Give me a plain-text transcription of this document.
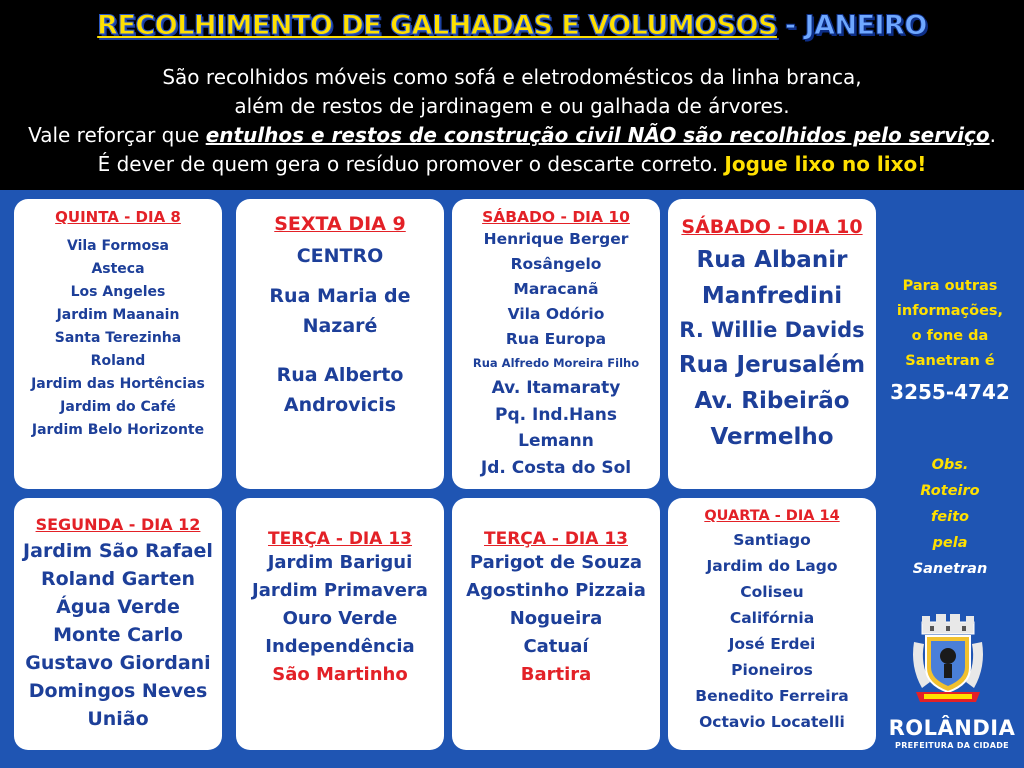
RECOLHIMENTO DE GALHADAS E VOLUMOSOS - JANEIRO
São recolhidos móveis como sofá e eletrodomésticos da linha branca,
além de restos de jardinagem e ou galhada de árvores.
Vale reforçar que entulhos e restos de construção civil NÃO são recolhidos pelo serviço.
É dever de quem gera o resíduo promover o descarte correto. Jogue lixo no lixo!
QUINTA - DIA 8
Vila Formosa
Asteca
Los Angeles
Jardim Maanain
Santa Terezinha
Roland
Jardim das Hortências
Jardim do Café
Jardim Belo Horizonte
SEXTA DIA 9
CENTRO
Rua Maria de
Nazaré
Rua Alberto
Androvicis
SÁBADO - DIA 10
Henrique Berger
Rosângelo
Maracanã
Vila Odório
Rua Europa
Rua Alfredo Moreira Filho
Av. Itamaraty
Pq. Ind.Hans
Lemann
Jd. Costa do Sol
SÁBADO - DIA 10
Rua Albanir
Manfredini
R. Willie Davids
Rua Jerusalém
Av. Ribeirão
Vermelho
SEGUNDA - DIA 12
Jardim São Rafael
Roland Garten
Água Verde
Monte Carlo
Gustavo Giordani
Domingos Neves
União
TERÇA - DIA 13
Jardim Barigui
Jardim Primavera
Ouro Verde
Independência
São Martinho
TERÇA - DIA 13
Parigot de Souza
Agostinho Pizzaia
Nogueira
Catuaí
Bartira
QUARTA - DIA 14
Santiago
Jardim do Lago
Coliseu
Califórnia
José Erdei
Pioneiros
Benedito Ferreira
Octavio Locatelli
Para outras
informações,
o fone da
Sanetran é
3255-4742
Obs.
Roteiro
feito
pela
Sanetran
ROLÂNDIA
PREFEITURA DA CIDADE
